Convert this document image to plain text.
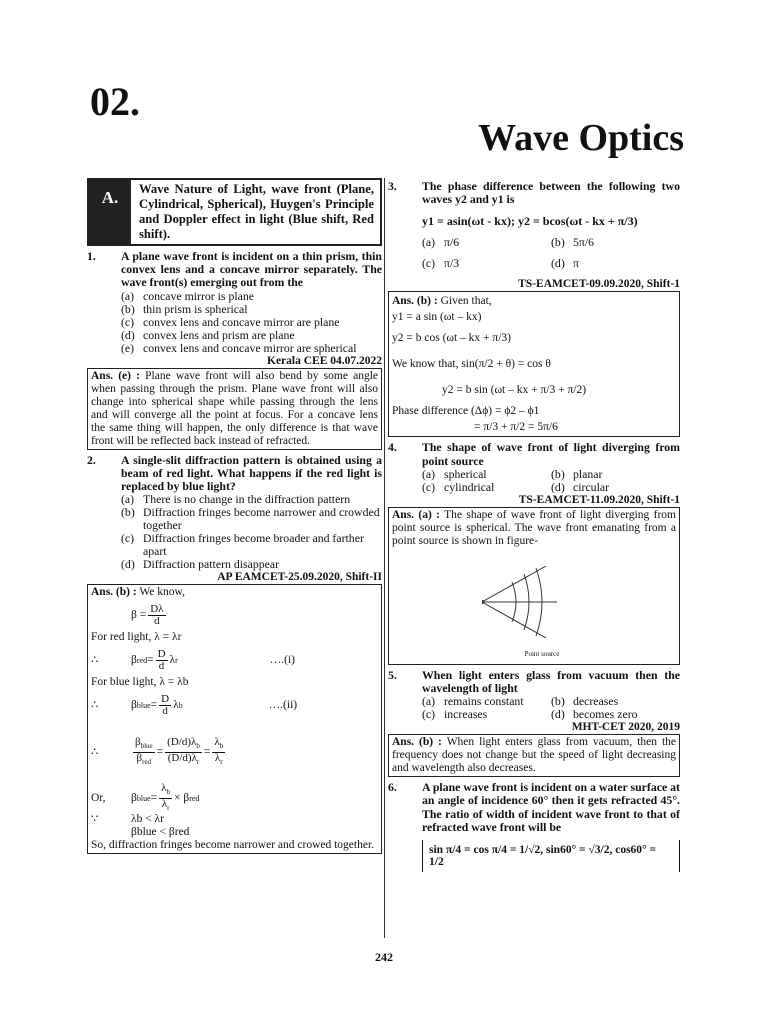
02.
Wave Optics
A.	Wave Nature of Light, wave front (Plane, Cylindrical, Spherical), Huygen's Principle and Doppler effect in light (Blue shift, Red shift).
1.	A plane wave front is incident on a thin prism, thin convex lens and a concave mirror separately. The wave front(s) emerging out from the
(a) concave mirror is plane
(b) thin prism is spherical
(c) convex lens and concave mirror are plane
(d) convex lens and prism are plane
(e) convex lens and concave mirror are spherical
Kerala CEE 04.07.2022
Ans. (e) : Plane wave front will also bend by some angle when passing through the prism. Plane wave front will also change into spherical shape while passing through the lens and will converge all the point at focus. For a concave lens the same thing will happen, the only difference is that wave front will be reflected back instead of refracted.
2.	A single-slit diffraction pattern is obtained using a beam of red light. What happens if the red light is replaced by blue light?
(a) There is no change in the diffraction pattern
(b) Diffraction fringes become narrower and crowded together
(c) Diffraction fringes become broader and farther apart
(d) Diffraction pattern disappear
AP EAMCET-25.09.2020, Shift-II
Ans. (b) : We know,
$\beta = \frac{D\lambda}{d}$
For red light, λ = λr
∴	β red = $\frac{D}{d}$ λ r	….(i)
For blue light, λ = λb
∴	β blue = $\frac{D}{d}$ λ b	….(ii)
∴	$\frac{\beta_{blue}}{\beta_{red}} = \frac{(D/d)\lambda_b}{(D/d)\lambda_r} = \frac{\lambda_b}{\lambda_r}$
Or,	β blue = $\frac{\lambda_b}{\lambda_r} \times \beta$ red
∵	λb < λr
βblue < βred
So, diffraction fringes become narrower and crowed together.
3.	The phase difference between the following two waves y2 and y1 is
y1 = asin(ωt - kx); y2 = bcos(ωt - kx + π/3)
(a) π/6	(b) 5π/6
(c) π/3	(d) π
TS-EAMCET-09.09.2020, Shift-1
Ans. (b) : Given that,
y1 = a sin (ωt – kx)
y2 = b cos (ωt – kx + π/3)
We know that, sin(π/2 + θ) = cos θ
y2 = b sin (ωt – kx + π/3 + π/2)
Phase difference (Δϕ) = ϕ2 – ϕ1
= π/3 + π/2 = 5π/6
4.	The shape of wave front of light diverging from point source
(a) spherical	(b) planar
(c) cylindrical	(d) circular
TS-EAMCET-11.09.2020, Shift-1
Ans. (a) : The shape of wave front of light diverging from point source is spherical. The wave front emanating from a point source is shown in figure-
Point source
5.	When light enters glass from vacuum then the wavelength of light
(a) remains constant (b) decreases
(c) increases	(d) becomes zero
MHT-CET 2020, 2019
Ans. (b) : When light enters glass from vacuum, then the frequency does not change but the speed of light decreasing and wavelength also decreases.
6.	A plane wave front is incident on a water surface at an angle of incidence 60° then it gets refracted 45°. The ratio of width of incident wave front to that of refracted wave front will be
sin π/4 = cos π/4 = 1/√2, sin60° = √3/2, cos60° = 1/2
242
